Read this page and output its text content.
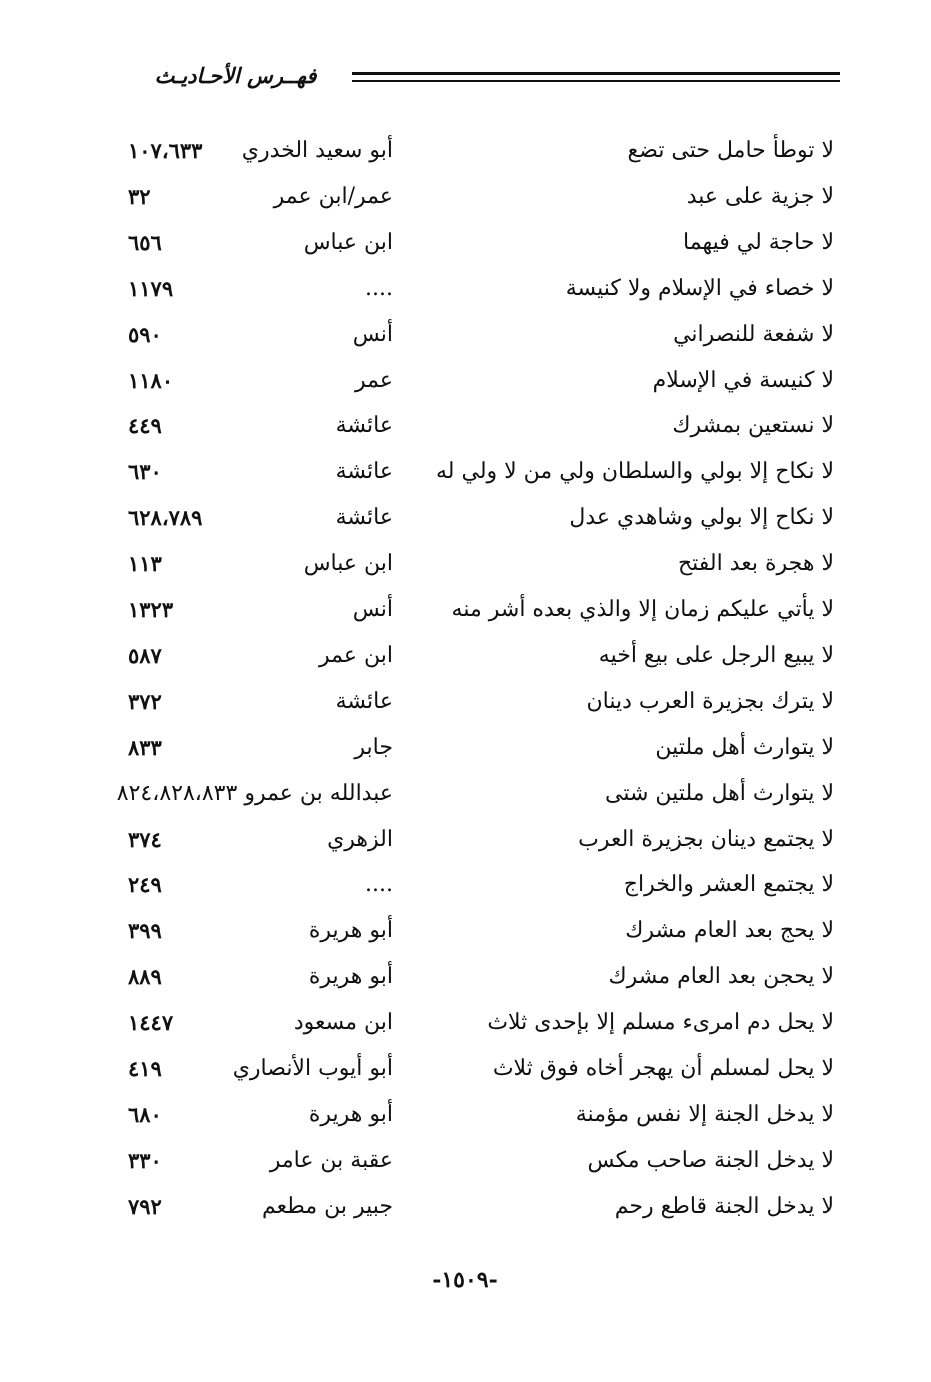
فهــرس الأحـاديـث
لا توطأ حامل حتى تضع
أبو سعيد الخدري
١٠٧،٦٣٣
لا جزية على عبد
عمر/ابن عمر
٣٢
لا حاجة لي فيهما
ابن عباس
٦٥٦
لا خصاء في الإسلام ولا كنيسة
....
١١٧٩
لا شفعة للنصراني
أنس
٥٩٠
لا كنيسة في الإسلام
عمر
١١٨٠
لا نستعين بمشرك
عائشة
٤٤٩
لا نكاح إلا بولي والسلطان ولي من لا ولي له
عائشة
٦٣٠
لا نكاح إلا بولي وشاهدي عدل
عائشة
٦٢٨،٧٨٩
لا هجرة بعد الفتح
ابن عباس
١١٣
لا يأتي عليكم زمان إلا والذي بعده أشر منه
أنس
١٣٢٣
لا يبيع الرجل على بيع أخيه
ابن عمر
٥٨٧
لا يترك بجزيرة العرب دينان
عائشة
٣٧٢
لا يتوارث أهل ملتين
جابر
٨٣٣
لا يتوارث أهل ملتين شتى
عبدالله بن عمرو ٨٢٤،٨٢٨،٨٣٣
لا يجتمع دينان بجزيرة العرب
الزهري
٣٧٤
لا يجتمع العشر والخراج
....
٢٤٩
لا يحج بعد العام مشرك
أبو هريرة
٣٩٩
لا يحجن بعد العام مشرك
أبو هريرة
٨٨٩
لا يحل دم امرىء مسلم إلا بإحدى ثلاث
ابن مسعود
١٤٤٧
لا يحل لمسلم أن يهجر أخاه فوق ثلاث
أبو أيوب الأنصاري
٤١٩
لا يدخل الجنة إلا نفس مؤمنة
أبو هريرة
٦٨٠
لا يدخل الجنة صاحب مكس
عقبة بن عامر
٣٣٠
لا يدخل الجنة قاطع رحم
جبير بن مطعم
٧٩٢
-١٥٠٩-
